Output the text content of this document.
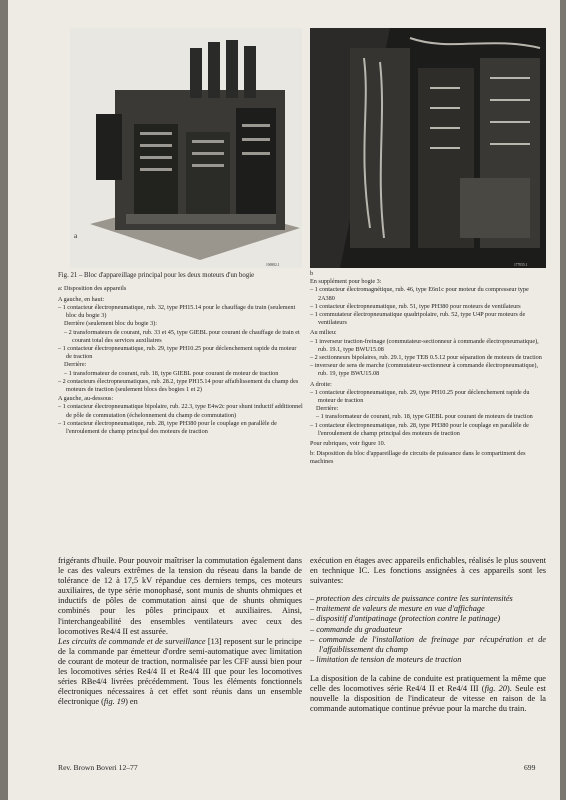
a
106982.1	177055.1

Fig. 21 – Bloc d'appareillage principal pour les deux moteurs d'un bogie

a: Disposition des appareils

A gauche, en haut:

– 1 contacteur électropneumatique, rub. 32, type PH15.14 pour le chauffage du train (seulement bloc du bogie 3)

Derrière (seulement bloc du bogie 3):

– 2 transformateurs de courant, rub. 33 et 45, type GIEBL pour courant de chauffage de train et courant total des services auxiliaires

– 1 contacteur électropneumatique, rub. 29, type PH10.25 pour déclenchement rapide du moteur de traction

Derrière:

– 1 transformateur de courant, rub. 18, type GIEBL pour courant de moteur de traction

– 2 contacteurs électropneumatiques, rub. 28.2, type PH15.14 pour affaiblissement du champ des moteurs de traction (seulement blocs des bogies 1 et 2)

A gauche, au-dessous:

– 1 contacteur électropneumatique bipolaire, rub. 22.3, type E4w2c pour shunt inductif additionnel de pôle de commutation (échelonnement du champ de commutation)

– 1 contacteur électropneumatique, rub. 28, type PH380 pour le couplage en parallèle de l'enroulement de champ principal des moteurs de traction

b

En supplément pour bogie 3:

– 1 contacteur électromagnétique, rub. 46, type E6n1c pour moteur du compresseur type 2A380

– 1 contacteur électropneumatique, rub. 51, type PH380 pour moteurs de ventilateurs

– 1 commutateur électropneumatique quadripolaire, rub. 52, type U4P pour moteurs de ventilateurs

Au milieu:

– 1 inverseur traction-freinage (commutateur-sectionneur à commande électropneumatique), rub. 19.1, type BWU15.08

– 2 sectionneurs bipolaires, rub. 29.1, type TEB 0.5.12 pour séparation de moteurs de traction

– inverseur de sens de marche (commutateur-sectionneur à commande électropneumatique), rub. 19, type BWU15.08

A droite:

– 1 contacteur électropneumatique, rub. 29, type PH10.25 pour déclenchement rapide du moteur de traction

Derrière:

– 1 transformateur de courant, rub. 18, type GIEBL pour courant de moteurs de traction

– 1 contacteur électropneumatique, rub. 28, type PH380 pour le couplage en parallèle de l'enroulement de champ principal des moteurs de traction

Pour rubriques, voir figure 10.

b: Disposition du bloc d'appareillage de circuits de puissance dans le compartiment des machines

frigérants d'huile. Pour pouvoir maîtriser la commutation également dans le cas des valeurs extrêmes de la tension du réseau dans la bande de tolérance de 12 à 17,5 kV répandue ces derniers temps, ces moteurs auxiliaires, de type série monophasé, sont munis de shunts ohmiques et inductifs de pôles de commutation ainsi que de shunts ohmiques combinés pour les pôles principaux et auxiliaires. Ainsi, l'interchangeabilité des ensembles ventilateurs avec ceux des locomotives Re4/4 II est assurée.

Les circuits de commande et de surveillance [13] reposent sur le principe de la commande par émetteur d'ordre semi-automatique avec limitation de courant de moteur de traction, normalisée par les CFF aussi bien pour les locomotives séries Re4/4 II et Re4/4 III que pour les locomotives séries RBe4/4 livrées précédemment. Tous les éléments fonctionnels électroniques nécessaires à cet effet sont réunis dans un ensemble électronique (fig. 19) en

exécution en étages avec appareils enfichables, réalisés le plus souvent en technique IC. Les fonctions assignées à ces appareils sont les suivantes:

– protection des circuits de puissance contre les surintensités
– traitement de valeurs de mesure en vue d'affichage
– dispositif d'antipatinage (protection contre le patinage)
– commande du graduateur
– commande de l'installation de freinage par récupération et de l'affaiblissement du champ
– limitation de tension de moteurs de traction

La disposition de la cabine de conduite est pratiquement la même que celle des locomotives série Re4/4 II et Re4/4 III (fig. 20). Seule est nouvelle la disposition de l'indicateur de vitesse en raison de la commande automatique continue prévue pour la marche du train.

Rev. Brown Boveri 12–77	699
